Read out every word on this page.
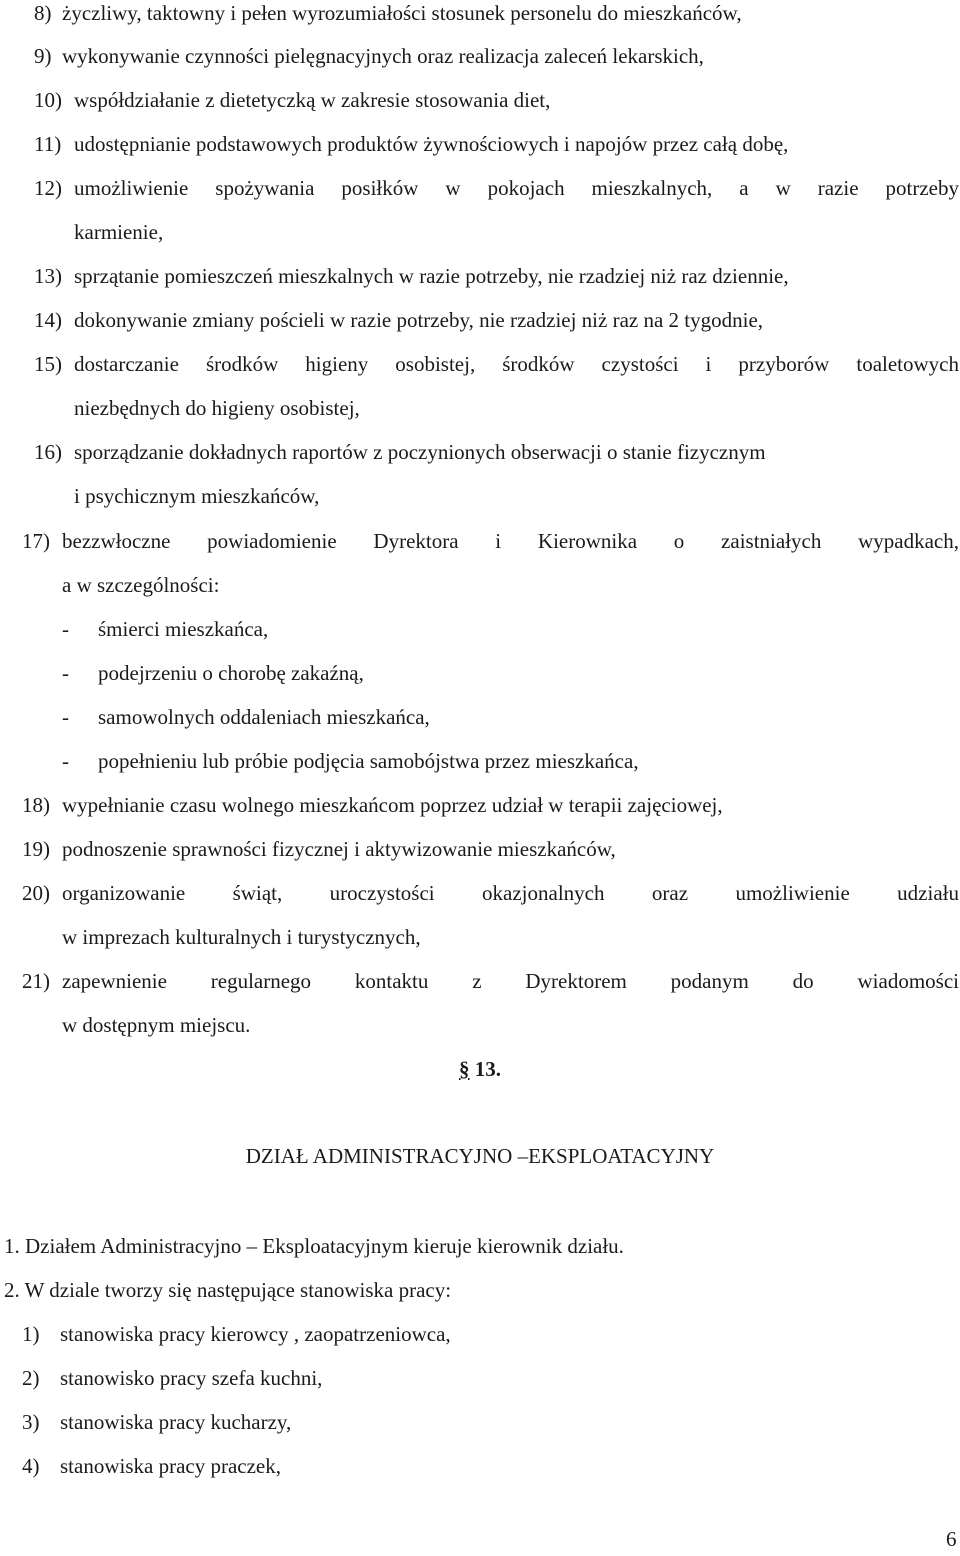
8) życzliwy, taktowny i pełen wyrozumiałości stosunek personelu do mieszkańców,
9) wykonywanie czynności pielęgnacyjnych oraz realizacja zaleceń lekarskich,
10) współdziałanie z dietetyczką w zakresie stosowania diet,
11) udostępnianie podstawowych produktów żywnościowych i napojów przez całą dobę,
12) umożliwienie spożywania posiłków w pokojach mieszkalnych, a w razie potrzeby
karmienie,
13) sprzątanie pomieszczeń mieszkalnych w razie potrzeby, nie rzadziej niż raz dziennie,
14) dokonywanie zmiany pościeli w razie potrzeby, nie rzadziej niż raz na 2 tygodnie,
15) dostarczanie środków higieny osobistej, środków czystości i przyborów toaletowych
niezbędnych do higieny osobistej,
16) sporządzanie dokładnych raportów z poczynionych obserwacji o stanie fizycznym
i psychicznym mieszkańców,
17) bezzwłoczne powiadomienie Dyrektora i Kierownika o zaistniałych wypadkach,
a w szczególności:
- śmierci mieszkańca,
- podejrzeniu o chorobę zakaźną,
- samowolnych oddaleniach mieszkańca,
- popełnieniu lub próbie podjęcia samobójstwa przez mieszkańca,
18) wypełnianie czasu wolnego mieszkańcom poprzez udział w terapii zajęciowej,
19) podnoszenie sprawności fizycznej i aktywizowanie mieszkańców,
20) organizowanie świąt, uroczystości okazjonalnych oraz umożliwienie udziału
w imprezach kulturalnych i turystycznych,
21) zapewnienie regularnego kontaktu z Dyrektorem podanym do wiadomości
w dostępnym miejscu.
§ 13.
DZIAŁ ADMINISTRACYJNO –EKSPLOATACYJNY
1. Działem Administracyjno – Eksploatacyjnym kieruje kierownik działu.
2. W dziale tworzy się następujące stanowiska pracy:
1) stanowiska pracy kierowcy , zaopatrzeniowca,
2) stanowisko pracy szefa kuchni,
3) stanowiska pracy kucharzy,
4) stanowiska pracy praczek,
6
